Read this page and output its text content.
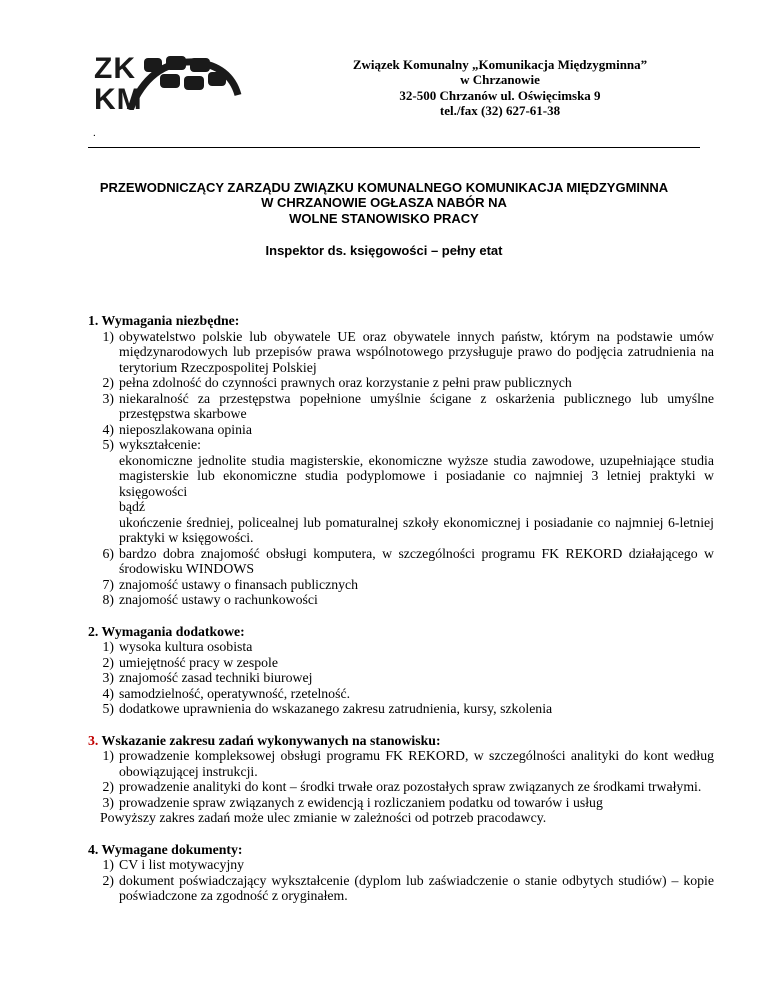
ZK
KM
Związek Komunalny „Komunikacja Międzygminna”
w Chrzanowie
32-500 Chrzanów ul. Oświęcimska 9
tel./fax (32) 627-61-38
.
PRZEWODNICZĄCY ZARZĄDU ZWIĄZKU KOMUNALNEGO KOMUNIKACJA MIĘDZYGMINNA
W CHRZANOWIE OGŁASZA NABÓR NA
WOLNE STANOWISKO PRACY
Inspektor ds. księgowości – pełny etat
1. Wymagania niezbędne:
1) obywatelstwo polskie lub obywatele UE oraz obywatele innych państw, którym na podstawie umów międzynarodowych lub przepisów prawa wspólnotowego przysługuje prawo do podjęcia zatrudnienia na terytorium Rzeczpospolitej Polskiej
2) pełna zdolność do czynności prawnych oraz korzystanie z pełni praw publicznych
3) niekaralność za przestępstwa popełnione umyślnie ścigane z oskarżenia publicznego lub umyślne przestępstwa skarbowe
4) nieposzlakowana opinia
5) wykształcenie:
ekonomiczne jednolite studia magisterskie, ekonomiczne wyższe studia zawodowe, uzupełniające studia magisterskie lub ekonomiczne studia podyplomowe i posiadanie co najmniej 3 letniej praktyki w księgowości
bądź
ukończenie średniej, policealnej lub pomaturalnej szkoły ekonomicznej i posiadanie co najmniej 6-letniej praktyki w księgowości.
6) bardzo dobra znajomość obsługi komputera, w szczególności programu FK REKORD działającego w środowisku WINDOWS
7) znajomość ustawy o finansach publicznych
8) znajomość ustawy o rachunkowości
2. Wymagania dodatkowe:
1) wysoka kultura osobista
2) umiejętność pracy w zespole
3) znajomość zasad techniki biurowej
4) samodzielność, operatywność, rzetelność.
5) dodatkowe uprawnienia do wskazanego zakresu zatrudnienia, kursy, szkolenia
3. Wskazanie zakresu zadań wykonywanych na stanowisku:
1) prowadzenie kompleksowej obsługi programu FK REKORD, w szczególności analityki do kont według obowiązującej instrukcji.
2) prowadzenie analityki do kont – środki trwałe oraz pozostałych spraw związanych ze środkami trwałymi.
3) prowadzenie spraw związanych z ewidencją i rozliczaniem podatku od towarów i usług
Powyższy zakres zadań może ulec zmianie w zależności od potrzeb pracodawcy.
4. Wymagane dokumenty:
1) CV i list motywacyjny
2) dokument poświadczający wykształcenie (dyplom lub zaświadczenie o stanie odbytych studiów) – kopie poświadczone za zgodność z oryginałem.
